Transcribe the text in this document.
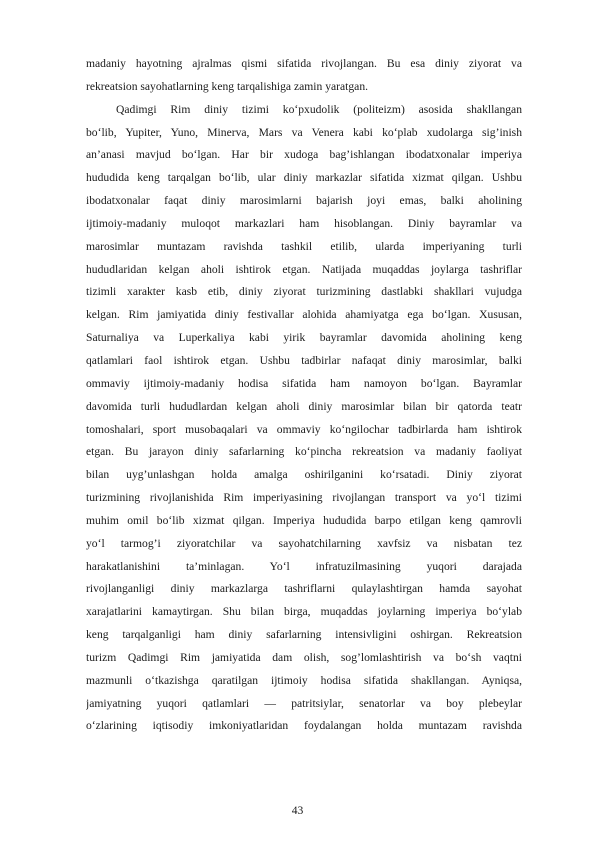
madaniy hayotning ajralmas qismi sifatida rivojlangan. Bu esa diniy ziyorat va
rekreatsion sayohatlarning keng tarqalishiga zamin yaratgan.

Qadimgi Rim diniy tizimi ko‘pxudolik (politeizm) asosida shakllangan
bo‘lib, Yupiter, Yuno, Minerva, Mars va Venera kabi ko‘plab xudolarga sig’inish
an’anasi mavjud bo‘lgan. Har bir xudoga bag’ishlangan ibodatxonalar imperiya
hududida keng tarqalgan bo‘lib, ular diniy markazlar sifatida xizmat qilgan. Ushbu
ibodatxonalar faqat diniy marosimlarni bajarish joyi emas, balki aholining
ijtimoiy-madaniy muloqot markazlari ham hisoblangan. Diniy bayramlar va
marosimlar muntazam ravishda tashkil etilib, ularda imperiyaning turli
hududlaridan kelgan aholi ishtirok etgan. Natijada muqaddas joylarga tashriflar
tizimli xarakter kasb etib, diniy ziyorat turizmining dastlabki shakllari vujudga
kelgan. Rim jamiyatida diniy festivallar alohida ahamiyatga ega bo‘lgan. Xususan,
Saturnaliya va Luperkaliya kabi yirik bayramlar davomida aholining keng
qatlamlari faol ishtirok etgan. Ushbu tadbirlar nafaqat diniy marosimlar, balki
ommaviy ijtimoiy-madaniy hodisa sifatida ham namoyon bo‘lgan. Bayramlar
davomida turli hududlardan kelgan aholi diniy marosimlar bilan bir qatorda teatr
tomoshalari, sport musobaqalari va ommaviy ko‘ngilochar tadbirlarda ham ishtirok
etgan. Bu jarayon diniy safarlarning ko‘pincha rekreatsion va madaniy faoliyat
bilan uyg’unlashgan holda amalga oshirilganini ko‘rsatadi. Diniy ziyorat
turizmining rivojlanishida Rim imperiyasining rivojlangan transport va yo‘l tizimi
muhim omil bo‘lib xizmat qilgan. Imperiya hududida barpo etilgan keng qamrovli
yo‘l tarmog’i ziyoratchilar va sayohatchilarning xavfsiz va nisbatan tez
harakatlanishini ta’minlagan. Yo‘l infratuzilmasining yuqori darajada
rivojlanganligi diniy markazlarga tashriflarni qulaylashtirgan hamda sayohat
xarajatlarini kamaytirgan. Shu bilan birga, muqaddas joylarning imperiya bo‘ylab
keng tarqalganligi ham diniy safarlarning intensivligini oshirgan. Rekreatsion
turizm Qadimgi Rim jamiyatida dam olish, sog’lomlashtirish va bo‘sh vaqtni
mazmunli o‘tkazishga qaratilgan ijtimoiy hodisa sifatida shakllangan. Ayniqsa,
jamiyatning yuqori qatlamlari — patritsiylar, senatorlar va boy plebeylar
o‘zlarining iqtisodiy imkoniyatlaridan foydalangan holda muntazam ravishda

43
